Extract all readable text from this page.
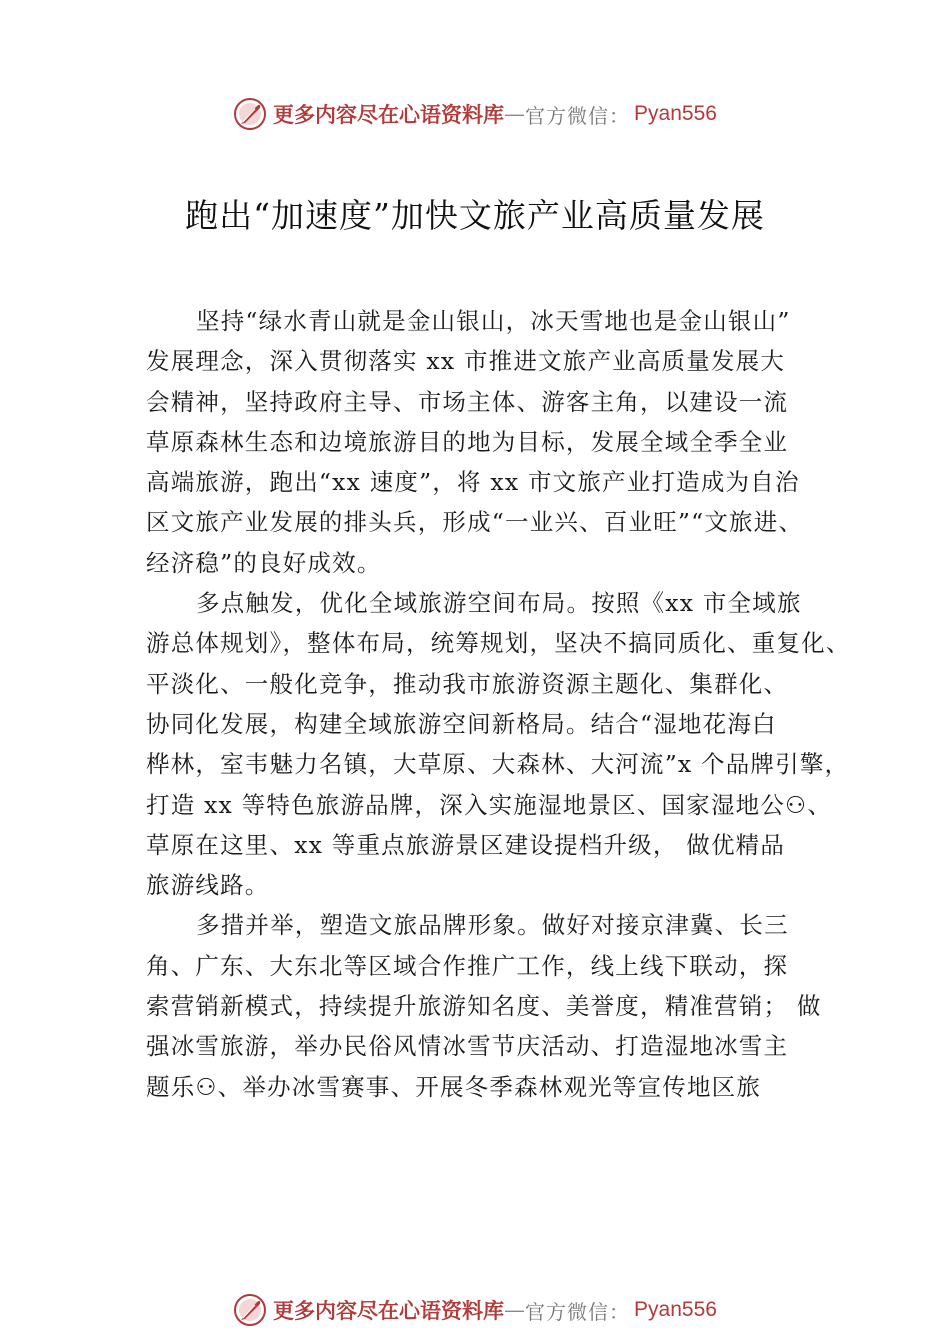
更多内容尽在心语资料库 — 官方微信： Pyan556
跑出“加速度”加快文旅产业高质量发展
坚持“绿水青山就是金山银山，冰天雪地也是金山银山”
发展理念，深入贯彻落实 xx 市推进文旅产业高质量发展大
会精神，坚持政府主导、市场主体、游客主角，以建设一流
草原森林生态和边境旅游目的地为目标，发展全域全季全业
高端旅游，跑出“xx 速度”，将 xx 市文旅产业打造成为自治
区文旅产业发展的排头兵，形成“一业兴、百业旺”“文旅进、
经济稳”的良好成效。
多点触发，优化全域旅游空间布局。按照《xx 市全域旅
游总体规划》，整体布局，统筹规划，坚决不搞同质化、重复化、
平淡化、一般化竞争，推动我市旅游资源主题化、集群化、
协同化发展，构建全域旅游空间新格局。结合“湿地花海白
桦林，室韦魅力名镇，大草原、大森林、大河流”x 个品牌引擎，
打造 xx 等特色旅游品牌，深入实施湿地景区、国家湿地公⚇、
草原在这里、xx 等重点旅游景区建设提档升级， 做优精品
旅游线路。
多措并举，塑造文旅品牌形象。做好对接京津冀、长三
角、广东、大东北等区域合作推广工作，线上线下联动，探
索营销新模式，持续提升旅游知名度、美誉度，精准营销； 做
强冰雪旅游，举办民俗风情冰雪节庆活动、打造湿地冰雪主
题乐⚇、举办冰雪赛事、开展冬季森林观光等宣传地区旅
更多内容尽在心语资料库 — 官方微信： Pyan556
